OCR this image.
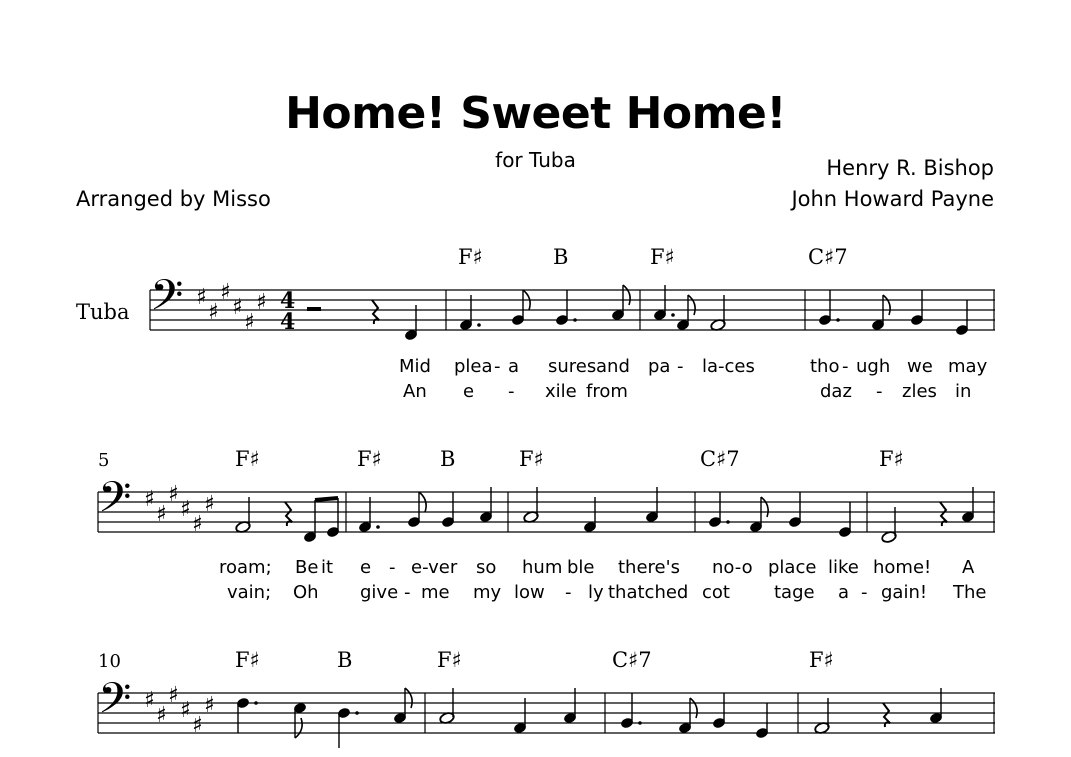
Home! Sweet Home!
for Tuba	Henry R. Bishop
John Howard Payne
Arranged by Misso
Tuba 𝄢 ♯
♯
♯
♯
♯
♯ 4
4
F♯	B	F♯	C♯7
Mid plea - a sures and pa - la-ces	tho - ugh we may
An e - xile from	daz - zles in
5
𝄢 ♯
♯
♯
♯
♯
♯
F♯	F♯	B	F♯	C♯7	F♯
roam; Be it e - e-ver so hum ble there's no-o place like home! A
vain; Oh give - me my low - ly thatched cot tage a - gain! The
10
𝄢 ♯
♯
♯
♯
♯
♯
F♯	B	F♯	C♯7	F♯
